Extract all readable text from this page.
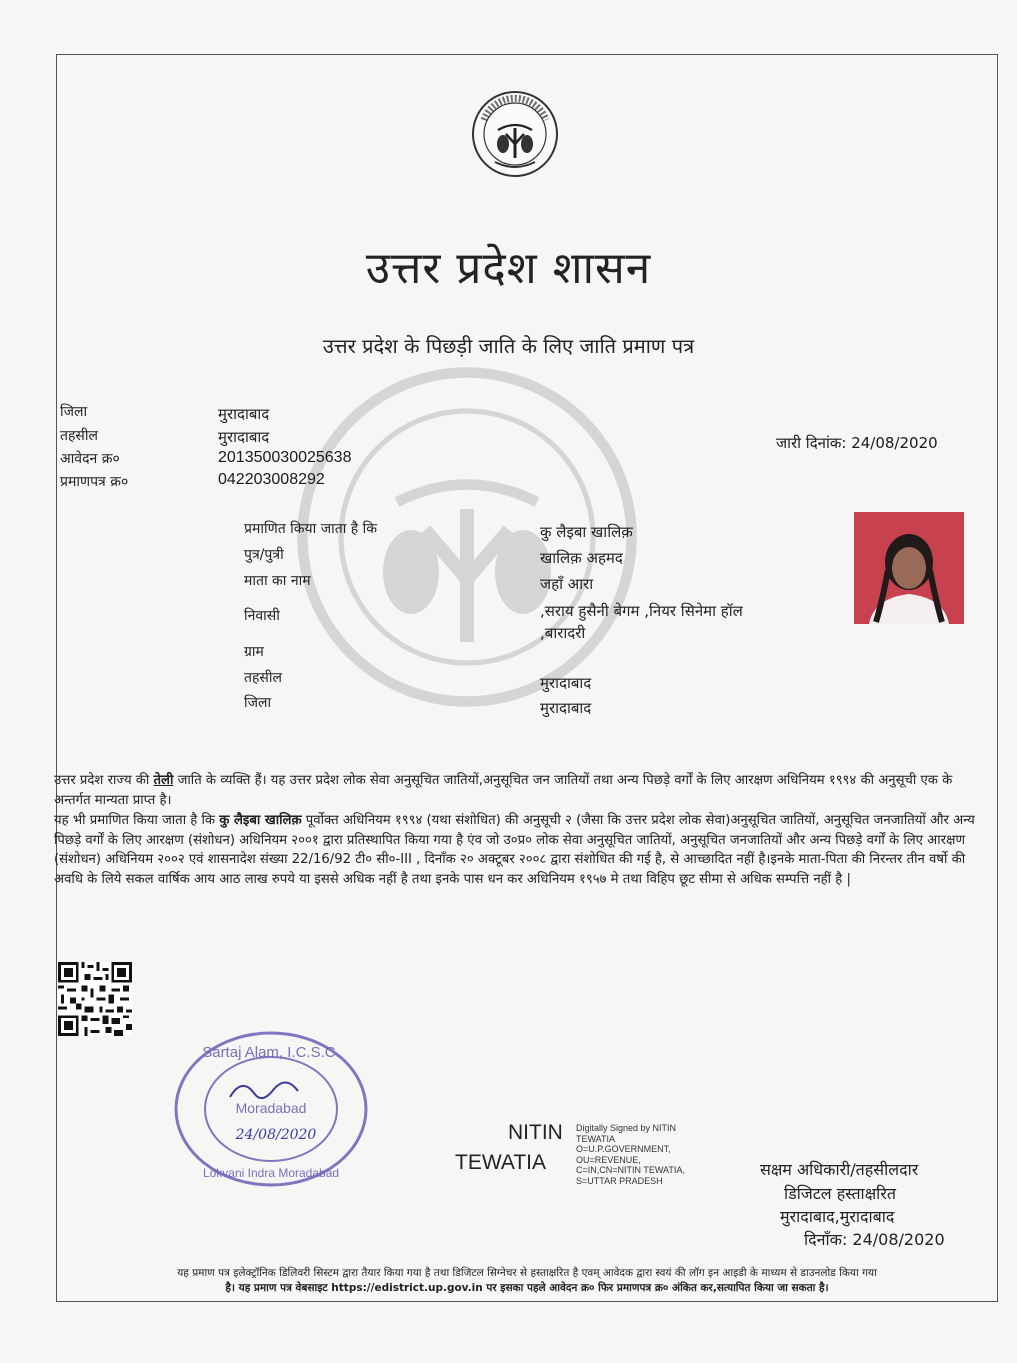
उत्तर प्रदेश शासन
उत्तर प्रदेश के पिछड़ी जाति के लिए जाति प्रमाण पत्र
जिला	मुरादाबाद
तहसील	मुरादाबाद
आवेदन क्र०	201350030025638
प्रमाणपत्र क्र०	042203008292
जारी दिनांक: 24/08/2020
प्रमाणित किया जाता है कि	कु लैइबा खालिक़
पुत्र/पुत्री	खालिक़ अहमद
माता का नाम	जहाँ आरा
निवासी	,सराय हुसैनी बेगम ,नियर सिनेमा हॉल
,बारादरी
ग्राम
तहसील	मुरादाबाद
जिला	मुरादाबाद
उत्तर प्रदेश राज्य की तेली जाति के व्यक्ति हैं। यह उत्तर प्रदेश लोक सेवा अनुसूचित जातियों,अनुसूचित जन जातियों तथा अन्य पिछड़े वर्गों के लिए आरक्षण अधिनियम १९९४ की अनुसूची एक के अन्तर्गत मान्यता प्राप्त है।
यह भी प्रमाणित किया जाता है कि कु लैइबा खालिक़ पूर्वोक्त अधिनियम १९९४ (यथा संशोधित) की अनुसूची २ (जैसा कि उत्तर प्रदेश लोक सेवा)अनुसूचित जातियों, अनुसूचित जनजातियों और अन्य पिछड़े वर्गों के लिए आरक्षण (संशोधन) अधिनियम २००१ द्वारा प्रतिस्थापित किया गया है एंव जो उ०प्र० लोक सेवा अनुसूचित जातियों, अनुसूचित जनजातियों और अन्य पिछड़े वर्गों के लिए आरक्षण (संशोधन) अधिनियम २००२ एवं शासनादेश संख्या 22/16/92 टी० सी०-III , दिनाँक २० अक्टूबर २००८ द्वारा संशोधित की गई है, से आच्छादित नहीं है।इनके माता-पिता की निरन्तर तीन वर्षो की अवधि के लिये सकल वार्षिक आय आठ लाख रुपये या इससे अधिक नहीं है तथा इनके पास धन कर अधिनियम १९५७ मे तथा विहिप छूट सीमा से अधिक सम्पत्ति नहीं है |
Sartaj Alam, I.C.S.C.
Lokvani Indra Moradabad
Moradabad
24/08/2020	NITIN
TEWATIA
Digitally Signed by NITIN
TEWATIA
O=U.P.GOVERNMENT,
OU=REVENUE,
C=IN,CN=NITIN TEWATIA,
S=UTTAR PRADESH
सक्षम अधिकारी/तहसीलदार
डिजिटल हस्ताक्षरित
मुरादाबाद,मुरादाबाद
दिनाँक: 24/08/2020
यह प्रमाण पत्र इलेक्ट्रॉनिक डिलिवरी सिस्टम द्वारा तैयार किया गया है तथा डिजिटल सिग्नेचर से हस्ताक्षरित है एवम् आवेदक द्वारा स्वयं की लॉग इन आइडी के माध्यम से डाउनलोड किया गया
है। यह प्रमाण पत्र वेबसाइट https://edistrict.up.gov.in पर इसका पहले आवेदन क्र० फिर प्रमाणपत्र क्र० अंकित कर,सत्यापित किया जा सकता है।
